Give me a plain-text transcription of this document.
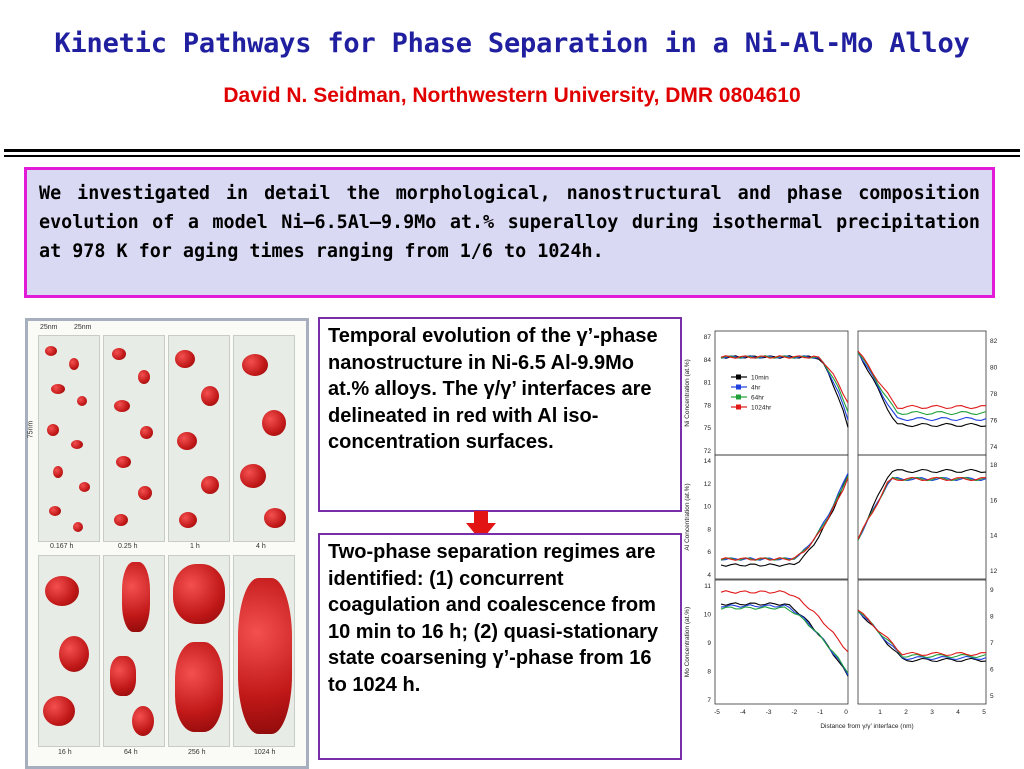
Kinetic Pathways for Phase Separation in a Ni-Al-Mo Alloy
David N. Seidman, Northwestern University, DMR 0804610
We investigated in detail the morphological, nanostructural and phase composition evolution of a model Ni–6.5Al–9.9Mo at.% superalloy during isothermal precipitation at 978 K for aging times ranging from 1/6 to 1024h.
25nm 25nm
75nm
0.167 h	0.25 h	1 h	4 h
16 h	64 h	256 h	1024 h
Temporal evolution of the γ’-phase nanostructure in Ni-6.5 Al-9.9Mo at.% alloys. The γ/γ’ interfaces are delineated in red with Al iso-concentration surfaces.
Two-phase separation regimes are identified: (1) concurrent coagulation and coalescence from 10 min to 16 h; (2) quasi-stationary state coarsening γ’-phase from 16 to 1024 h.
87
84
81
78
75
72
82
80
78
76
74
Ni Concentration (at.%)
14
12
10
8
6
4
18
16
14
12
Al Concentration (at.%)
11
10
9
8
7
9
8
7
6
5
Mo Concentration (at.%)
-5	-4	-3	-2	-1	0	1	2	3	4	5
Distance from γ/γ’ interface (nm)
10min
4hr
64hr
1024hr
